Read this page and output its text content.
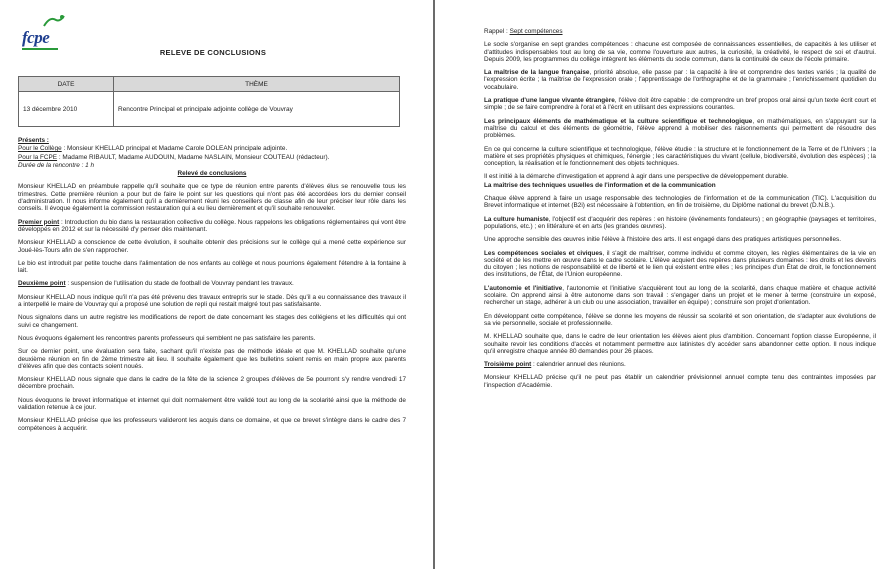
fcpe
RELEVE DE CONCLUSIONS
DATE	THÈME
13 décembre 2010	Rencontre Principal et principale adjointe collège de Vouvray

Présents :

Pour le Collège : Monsieur KHELLAD principal et Madame Carole DOLEAN principale adjointe.

Pour la FCPE : Madame RIBAULT, Madame AUDOUIN, Madame NASLAIN, Monsieur COUTEAU (rédacteur).

Durée de la rencontre : 1 h

Relevé de conclusions

Monsieur KHELLAD en préambule rappelle qu'il souhaite que ce type de réunion entre parents d'élèves élus se renouvelle tous les trimestres. Cette première réunion a pour but de faire le point sur les questions qui n'ont pas été accordées lors du dernier conseil d'administration. Il nous informe également qu'il a dernièrement réuni les conseillers de classe afin de leur préciser leur rôle dans les conseils. Il évoque également la commission restauration qui a eu lieu dernièrement et qu'il souhaite renouveler.

Premier point : Introduction du bio dans la restauration collective du collège. Nous rappelons les obligations réglementaires qui vont être développés en 2012 et sur la nécessité d'y penser dès maintenant.

Monsieur KHELLAD a conscience de cette évolution, il souhaite obtenir des précisions sur le collège qui a mené cette expérience sur Joué-lès-Tours afin de s'en rapprocher.

Le bio est introduit par petite touche dans l'alimentation de nos enfants au collège et nous pourrions également l'étendre à la fontaine à lait.

Deuxième point : suspension de l'utilisation du stade de football de Vouvray pendant les travaux.

Monsieur KHELLAD nous indique qu'il n'a pas été prévenu des travaux entrepris sur le stade. Dès qu'il a eu connaissance des travaux il a interpellé le maire de Vouvray qui a proposé une solution de repli qui restait malgré tout pas satisfaisante.

Nous signalons dans un autre registre les modifications de report de date concernant les stages des collégiens et les difficultés qui ont suivi ce changement.

Nous évoquons également les rencontres parents professeurs qui semblent ne pas satisfaire les parents.

Sur ce dernier point, une évaluation sera faite, sachant qu'il n'existe pas de méthode idéale et que M. KHELLAD souhaite qu'une deuxième réunion en fin de 2ème trimestre ait lieu. Il souhaite également que les bulletins soient remis en main propre aux parents d'élèves afin que des contacts soient noués.

Monsieur KHELLAD nous signale que dans le cadre de la fête de la science 2 groupes d'élèves de 5e pourront s'y rendre vendredi 17 décembre prochain.

Nous évoquons le brevet informatique et internet qui doit normalement être validé tout au long de la scolarité ainsi que la méthode de validation retenue à ce jour.

Monsieur KHELLAD précise que les professeurs valideront les acquis dans ce domaine, et que ce brevet s'intègre dans le cadre des 7 compétences à acquérir.

Rappel : Sept compétences

Le socle s'organise en sept grandes compétences : chacune est composée de connaissances essentielles, de capacités à les utiliser et d'attitudes indispensables tout au long de sa vie, comme l'ouverture aux autres, la curiosité, la créativité, le respect de soi et d'autrui. Depuis 2009, les programmes du collège intègrent les éléments du socle commun, dans la continuité de ceux de l'école primaire.

La maîtrise de la langue française, priorité absolue, elle passe par : la capacité à lire et comprendre des textes variés ; la qualité de l'expression écrite ; la maîtrise de l'expression orale ; l'apprentissage de l'orthographe et de la grammaire ; l'enrichissement quotidien du vocabulaire.

La pratique d'une langue vivante étrangère, l'élève doit être capable : de comprendre un bref propos oral ainsi qu'un texte écrit court et simple ; de se faire comprendre à l'oral et à l'écrit en utilisant des expressions courantes.

Les principaux éléments de mathématique et la culture scientifique et technologique, en mathématiques, en s'appuyant sur la maîtrise du calcul et des éléments de géométrie, l'élève apprend à mobiliser des raisonnements qui permettent de résoudre des problèmes.

En ce qui concerne la culture scientifique et technologique, l'élève étudie : la structure et le fonctionnement de la Terre et de l'Univers ; la matière et ses propriétés physiques et chimiques, l'énergie ; les caractéristiques du vivant (cellule, biodiversité, évolution des espèces) ; la conception, la réalisation et le fonctionnement des objets techniques.

Il est initié à la démarche d'investigation et apprend à agir dans une perspective de développement durable.

La maîtrise des techniques usuelles de l'information et de la communication

Chaque élève apprend à faire un usage responsable des technologies de l'information et de la communication (TIC). L'acquisition du Brevet informatique et internet (B2i) est nécessaire à l'obtention, en fin de troisième, du Diplôme national du brevet (D.N.B.).

La culture humaniste, l'objectif est d'acquérir des repères : en histoire (événements fondateurs) ; en géographie (paysages et territoires, populations, etc.) ; en littérature et en arts (les grandes œuvres).

Une approche sensible des œuvres initie l'élève à l'histoire des arts. Il est engagé dans des pratiques artistiques personnelles.

Les compétences sociales et civiques, il s'agit de maîtriser, comme individu et comme citoyen, les règles élémentaires de la vie en société et de les mettre en œuvre dans le cadre scolaire. L'élève acquiert des repères dans plusieurs domaines : les droits et les devoirs du citoyen ; les notions de responsabilité et de liberté et le lien qui existent entre elles ; les principes d'un État de droit, le fonctionnement des institutions, de l'État, de l'Union européenne.

L'autonomie et l'initiative, l'autonomie et l'initiative s'acquièrent tout au long de la scolarité, dans chaque matière et chaque activité scolaire. On apprend ainsi à être autonome dans son travail : s'engager dans un projet et le mener à terme (construire un exposé, rechercher un stage, adhérer à un club ou une association, travailler en équipe) ; construire son projet d'orientation.

En développant cette compétence, l'élève se donne les moyens de réussir sa scolarité et son orientation, de s'adapter aux évolutions de sa vie personnelle, sociale et professionnelle.

M. KHELLAD souhaite que, dans le cadre de leur orientation les élèves aient plus d'ambition. Concernant l'option classe Européenne, il souhaite revoir les conditions d'accès et notamment permettre aux latinistes d'y accéder sans abandonner cette option. Il nous indique qu'il enregistre chaque année 80 demandes pour 26 places.

Troisième point : calendrier annuel des réunions.

Monsieur KHELLAD précise qu'il ne peut pas établir un calendrier prévisionnel annuel compte tenu des contraintes imposées par l'inspection d'Académie.
